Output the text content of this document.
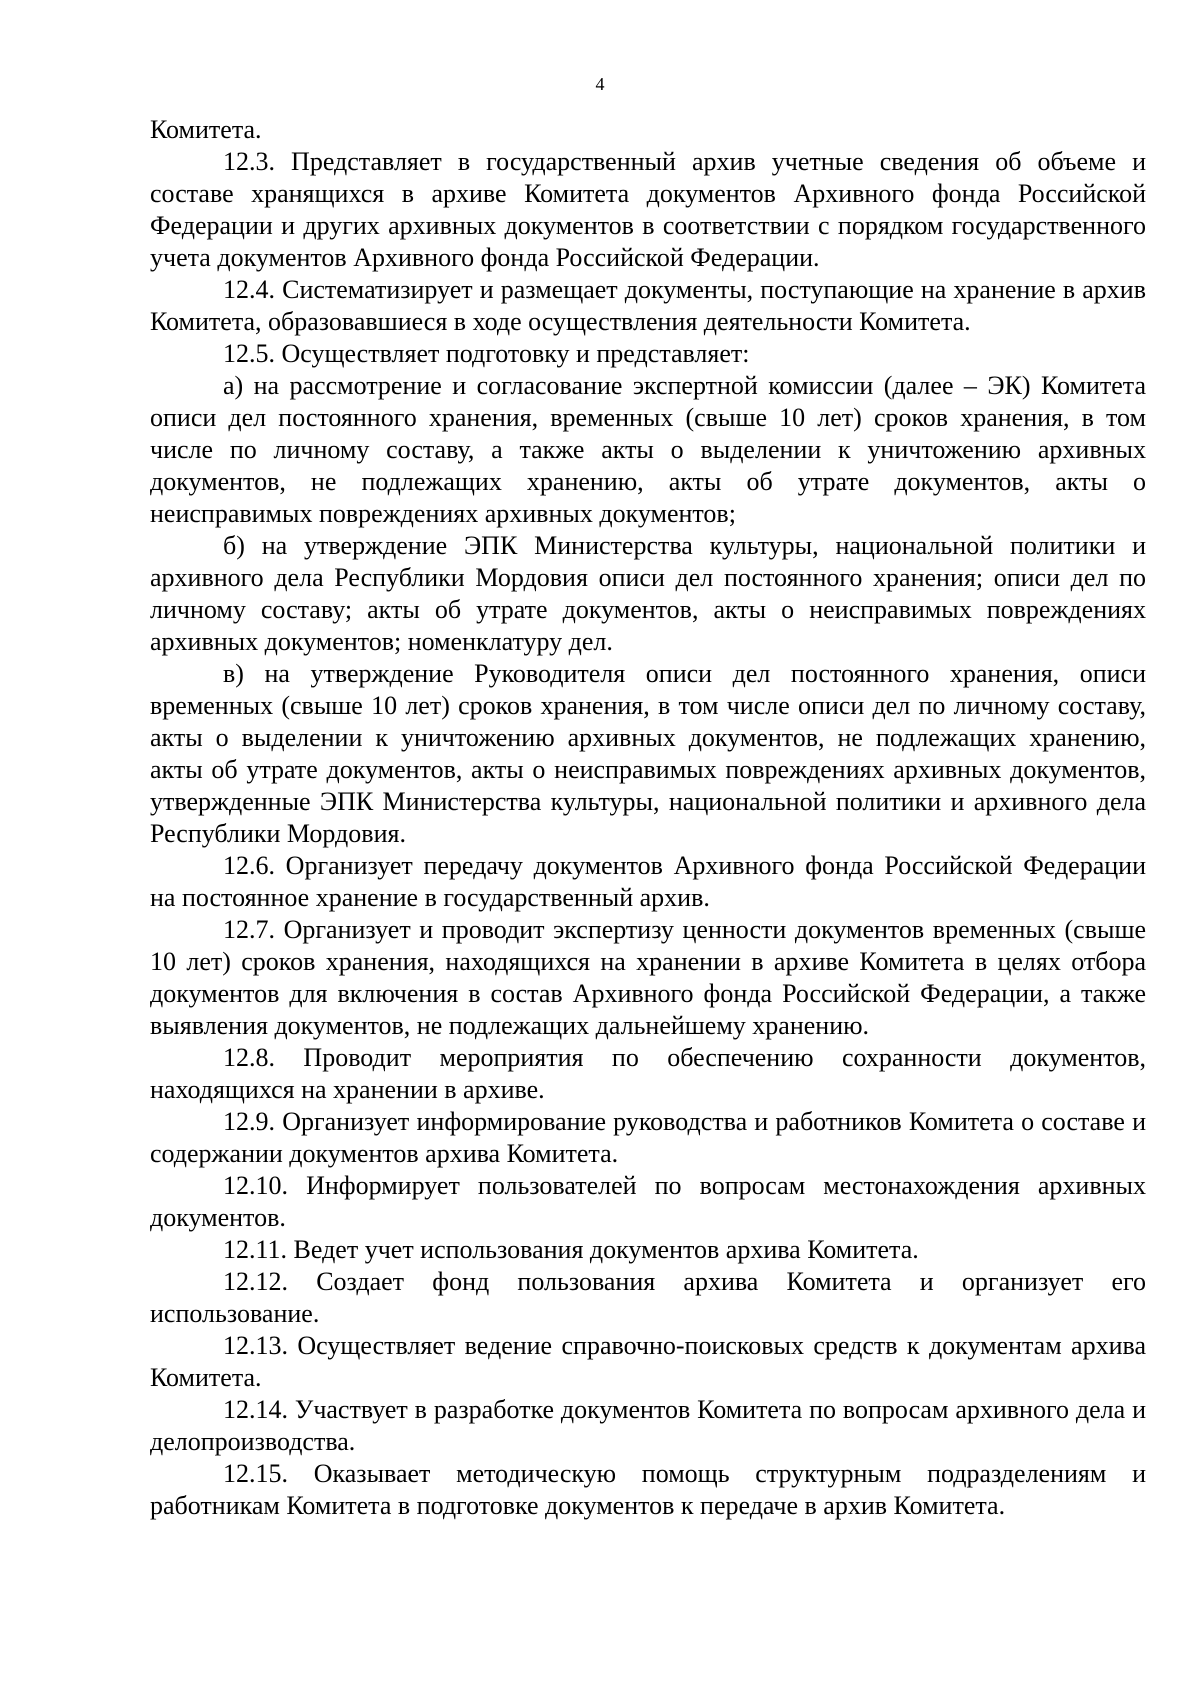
4

Комитета.

12.3. Представляет в государственный архив учетные сведения об объеме и составе хранящихся в архиве Комитета документов Архивного фонда Российской Федерации и других архивных документов в соответствии с порядком государственного учета документов Архивного фонда Российской Федерации.

12.4. Систематизирует и размещает документы, поступающие на хранение в архив Комитета, образовавшиеся в ходе осуществления деятельности Комитета.

12.5. Осуществляет подготовку и представляет:

а) на рассмотрение и согласование экспертной комиссии (далее – ЭК) Комитета описи дел постоянного хранения, временных (свыше 10 лет) сроков хранения, в том числе по личному составу, а также акты о выделении к уничтожению архивных документов, не подлежащих хранению, акты об утрате документов, акты о неисправимых повреждениях архивных документов;

б) на утверждение ЭПК Министерства культуры, национальной политики и архивного дела Республики Мордовия описи дел постоянного хранения; описи дел по личному составу; акты об утрате документов, акты о неисправимых повреждениях архивных документов; номенклатуру дел.

в) на утверждение Руководителя описи дел постоянного хранения, описи временных (свыше 10 лет) сроков хранения, в том числе описи дел по личному составу, акты о выделении к уничтожению архивных документов, не подлежащих хранению, акты об утрате документов, акты о неисправимых повреждениях архивных документов, утвержденные ЭПК Министерства культуры, национальной политики и архивного дела Республики Мордовия.

12.6. Организует передачу документов Архивного фонда Российской Федерации на постоянное хранение в государственный архив.

12.7. Организует и проводит экспертизу ценности документов временных (свыше 10 лет) сроков хранения, находящихся на хранении в архиве Комитета в целях отбора документов для включения в состав Архивного фонда Российской Федерации, а также выявления документов, не подлежащих дальнейшему хранению.

12.8. Проводит мероприятия по обеспечению сохранности документов, находящихся на хранении в архиве.

12.9. Организует информирование руководства и работников Комитета о составе и содержании документов архива Комитета.

12.10. Информирует пользователей по вопросам местонахождения архивных документов.

12.11. Ведет учет использования документов архива Комитета.

12.12. Создает фонд пользования архива Комитета и организует его использование.

12.13. Осуществляет ведение справочно-поисковых средств к документам архива Комитета.

12.14. Участвует в разработке документов Комитета по вопросам архивного дела и делопроизводства.

12.15. Оказывает методическую помощь структурным подразделениям и работникам Комитета в подготовке документов к передаче в архив Комитета.
